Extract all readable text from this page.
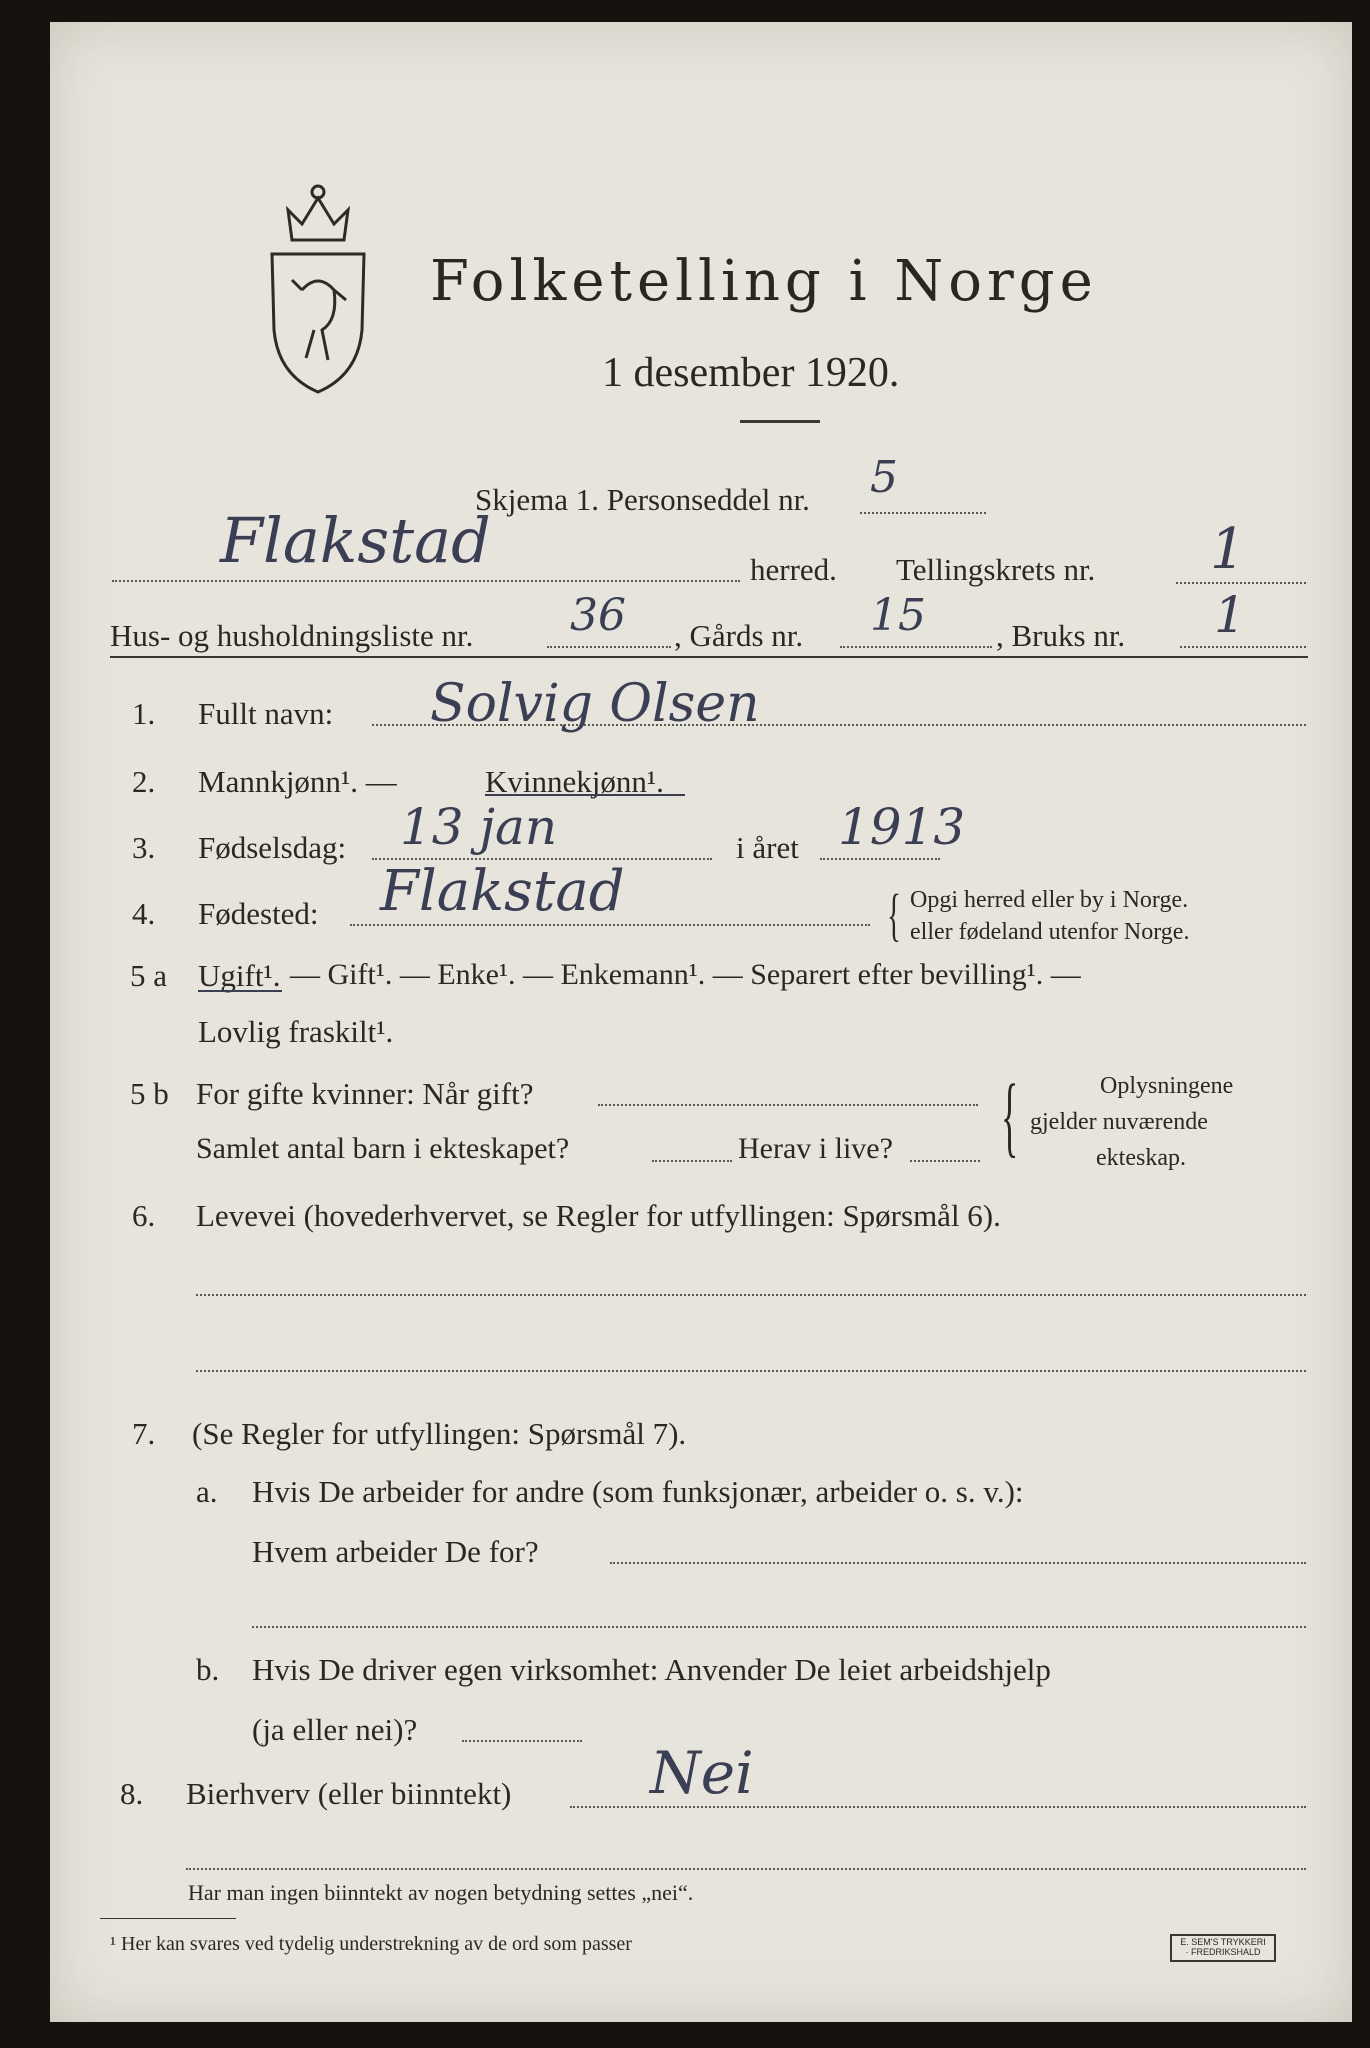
Folketelling i Norge
1 desember 1920.
Skjema 1. Personseddel nr. 5
Flakstad	herred. Tellingskrets nr. 1
Hus- og husholdningsliste nr. 36 , Gårds nr. 15 , Bruks nr. 1
1. Fullt navn: Solvig Olsen
2. Mannkjønn¹. —	Kvinnekjønn¹.
3. Fødselsdag: 13 jan	i året 1913
4. Fødested: Flakstad	{ Opgi herred eller by i Norge.
eller fødeland utenfor Norge.
5 a Ugift¹. — Gift¹. — Enke¹. — Enkemann¹. — Separert efter bevilling¹. —
Lovlig fraskilt¹.
5 b For gifte kvinner: Når gift?
Samlet antal barn i ekteskapet?	Herav i live? {	Oplysningene
gjelder nuværende
ekteskap.
6. Levevei (hovederhvervet, se Regler for utfyllingen: Spørsmål 6).
7. (Se Regler for utfyllingen: Spørsmål 7).
a. Hvis De arbeider for andre (som funksjonær, arbeider o. s. v.):
Hvem arbeider De for?
b. Hvis De driver egen virksomhet: Anvender De leiet arbeidshjelp
(ja eller nei)?
8. Bierhverv (eller biinntekt) Nei
Har man ingen biinntekt av nogen betydning settes „nei“.
¹ Her kan svares ved tydelig understrekning av de ord som passer	E. SEM'S TRYKKERI · FREDRIKSHALD
